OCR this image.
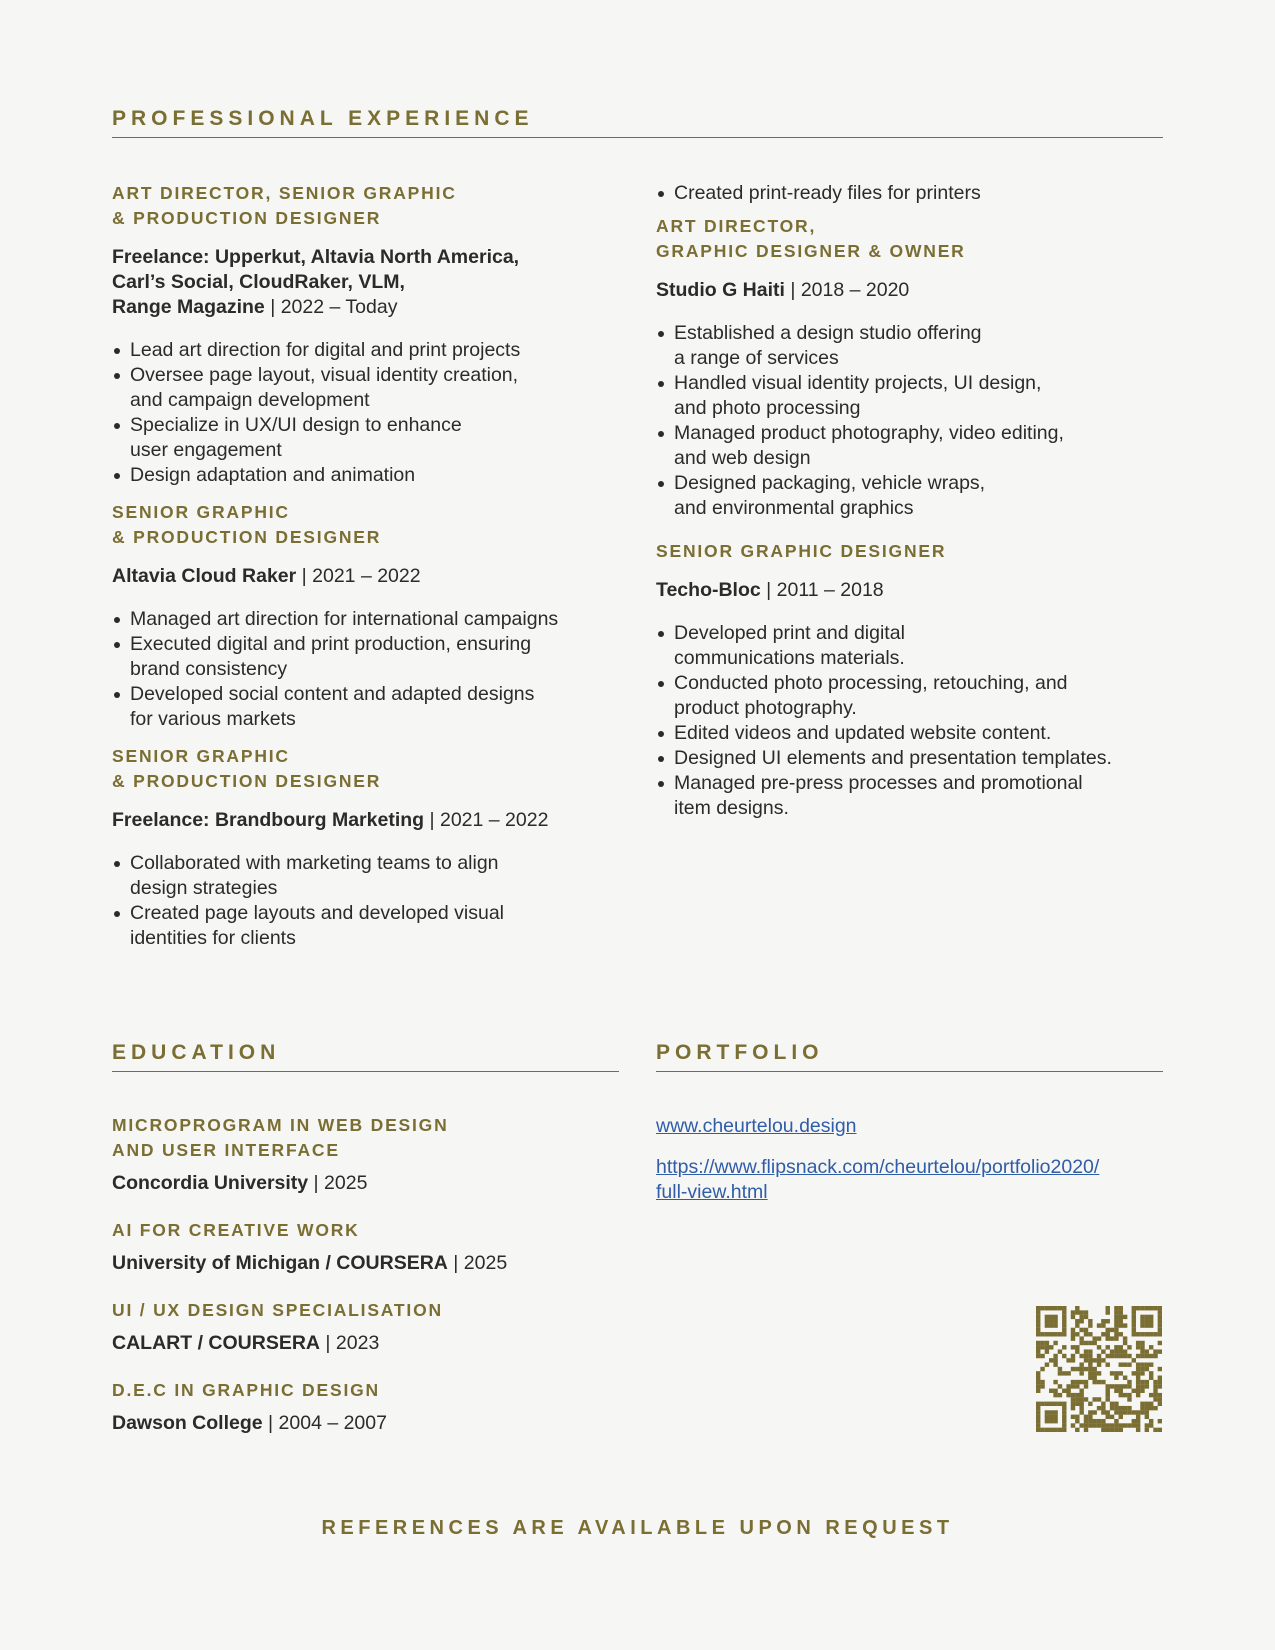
PROFESSIONAL EXPERIENCE
ART DIRECTOR, SENIOR GRAPHIC
& PRODUCTION DESIGNER

Freelance: Upperkut, Altavia North America,
Carl’s Social, CloudRaker, VLM,
Range Magazine | 2022 – Today

Lead art direction for digital and print projects
Oversee page layout, visual identity creation,
and campaign development
Specialize in UX/UI design to enhance
user engagement
Design adaptation and animation
SENIOR GRAPHIC
& PRODUCTION DESIGNER

Altavia Cloud Raker | 2021 – 2022

Managed art direction for international campaigns
Executed digital and print production, ensuring
brand consistency
Developed social content and adapted designs
for various markets
SENIOR GRAPHIC
& PRODUCTION DESIGNER

Freelance: Brandbourg Marketing | 2021 – 2022

Collaborated with marketing teams to align
design strategies
Created page layouts and developed visual
identities for clients
Created print-ready files for printers
ART DIRECTOR,
GRAPHIC DESIGNER & OWNER

Studio G Haiti | 2018 – 2020

Established a design studio offering
a range of services
Handled visual identity projects, UI design,
and photo processing
Managed product photography, video editing,
and web design
Designed packaging, vehicle wraps,
and environmental graphics
SENIOR GRAPHIC DESIGNER

Techo-Bloc | 2011 – 2018

Developed print and digital
communications materials.
Conducted photo processing, retouching, and
product photography.
Edited videos and updated website content.
Designed UI elements and presentation templates.
Managed pre-press processes and promotional
item designs.
EDUCATION	PORTFOLIO
MICROPROGRAM IN WEB DESIGN
AND USER INTERFACE

Concordia University | 2025

AI FOR CREATIVE WORK

University of Michigan / COURSERA | 2025

UI / UX DESIGN SPECIALISATION

CALART / COURSERA | 2023

D.E.C IN GRAPHIC DESIGN

Dawson College | 2004 – 2007

www.cheurtelou.design
https://www.flipsnack.com/cheurtelou/portfolio2020/
full-view.html
REFERENCES ARE AVAILABLE UPON REQUEST
